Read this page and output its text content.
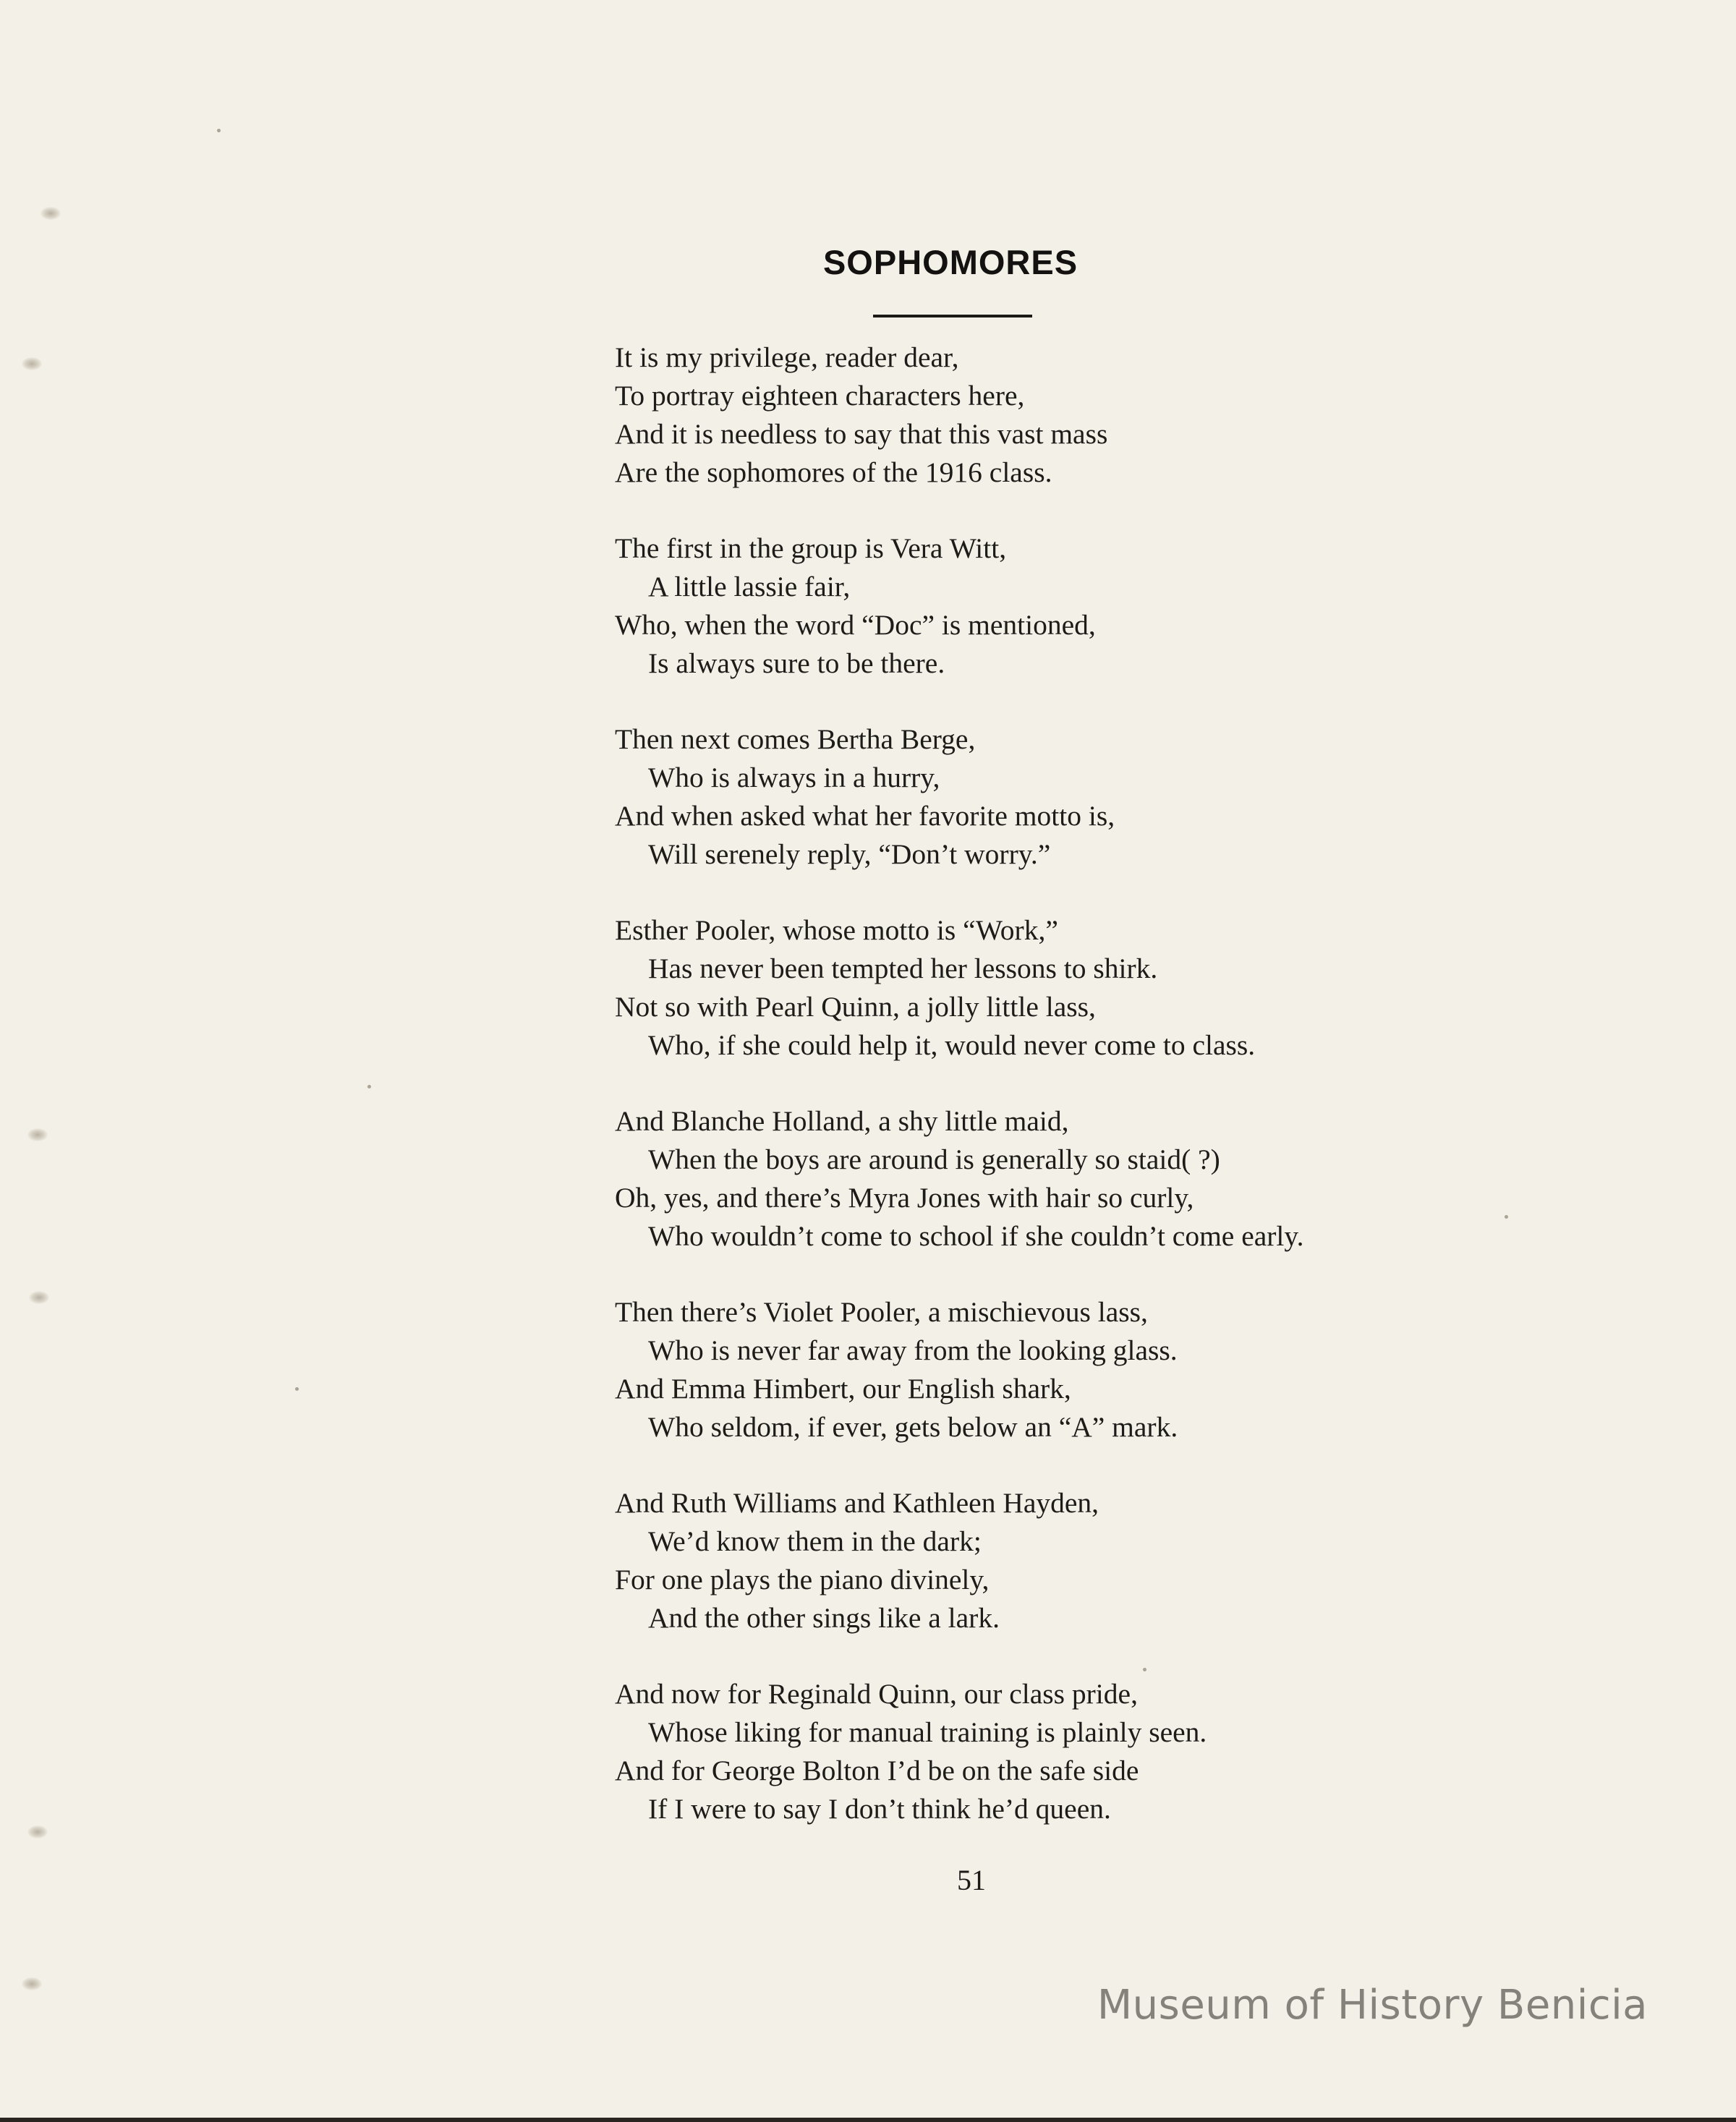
SOPHOMORES
It is my privilege, reader dear,
To portray eighteen characters here,
And it is needless to say that this vast mass
Are the sophomores of the 1916 class.
The first in the group is Vera Witt,
A little lassie fair,
Who, when the word “Doc” is mentioned,
Is always sure to be there.
Then next comes Bertha Berge,
Who is always in a hurry,
And when asked what her favorite motto is,
Will serenely reply, “Don’t worry.”
Esther Pooler, whose motto is “Work,”
Has never been tempted her lessons to shirk.
Not so with Pearl Quinn, a jolly little lass,
Who, if she could help it, would never come to class.
And Blanche Holland, a shy little maid,
When the boys are around is generally so staid( ?)
Oh, yes, and there’s Myra Jones with hair so curly,
Who wouldn’t come to school if she couldn’t come early.
Then there’s Violet Pooler, a mischievous lass,
Who is never far away from the looking glass.
And Emma Himbert, our English shark,
Who seldom, if ever, gets below an “A” mark.
And Ruth Williams and Kathleen Hayden,
We’d know them in the dark;
For one plays the piano divinely,
And the other sings like a lark.
And now for Reginald Quinn, our class pride,
Whose liking for manual training is plainly seen.
And for George Bolton I’d be on the safe side
If I were to say I don’t think he’d queen.
51
Museum of History Benicia
